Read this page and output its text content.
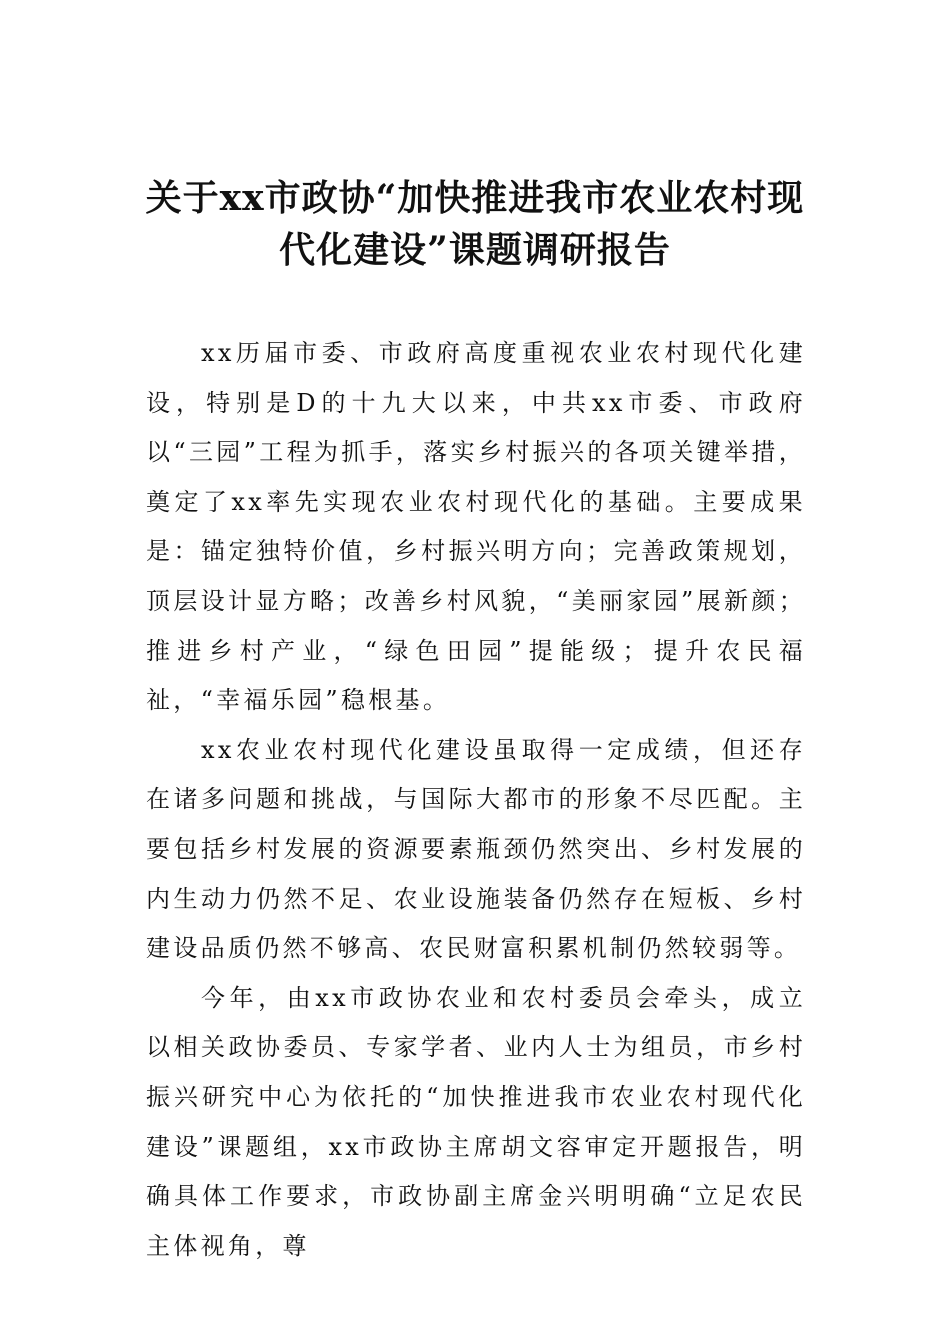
关于xx市政协“加快推进我市农业农村现
代化建设”课题调研报告

xx历届市委、市政府高度重视农业农村现代化建设，特别是D的十九大以来，中共xx市委、市政府以“三园”工程为抓手，落实乡村振兴的各项关键举措，奠定了xx率先实现农业农村现代化的基础。主要成果是：锚定独特价值，乡村振兴明方向；完善政策规划，顶层设计显方略；改善乡村风貌，“美丽家园”展新颜；推进乡村产业，“绿色田园”提能级；提升农民福祉，“幸福乐园”稳根基。

xx农业农村现代化建设虽取得一定成绩，但还存在诸多问题和挑战，与国际大都市的形象不尽匹配。主要包括乡村发展的资源要素瓶颈仍然突出、乡村发展的内生动力仍然不足、农业设施装备仍然存在短板、乡村建设品质仍然不够高、农民财富积累机制仍然较弱等。

今年，由xx市政协农业和农村委员会牵头，成立以相关政协委员、专家学者、业内人士为组员，市乡村振兴研究中心为依托的“加快推进我市农业农村现代化建设”课题组，xx市政协主席胡文容审定开题报告，明确具体工作要求，市政协副主席金兴明明确“立足农民主体视角，尊
